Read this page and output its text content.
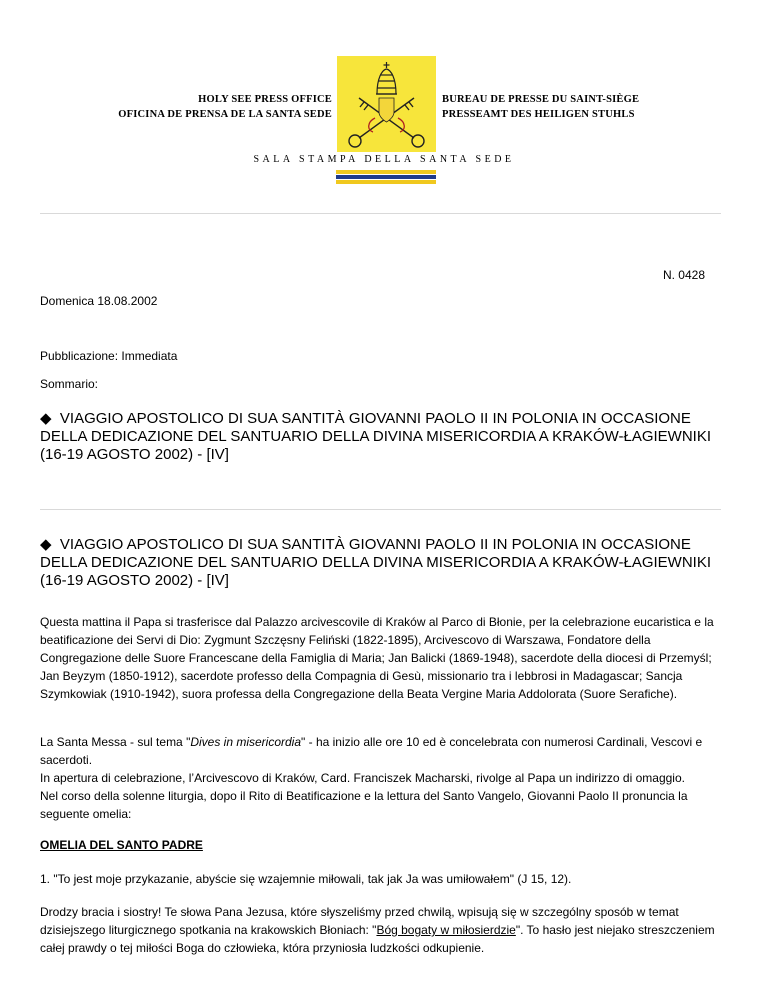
HOLY SEE PRESS OFFICE
OFICINA DE PRENSA DE LA SANTA SEDE
BUREAU DE PRESSE DU SAINT-SIÈGE
PRESSEAMT DES HEILIGEN STUHLS
SALA STAMPA DELLA SANTA SEDE
N. 0428
Domenica 18.08.2002
Pubblicazione: Immediata
Sommario:
◆ VIAGGIO APOSTOLICO DI SUA SANTITÀ GIOVANNI PAOLO II IN POLONIA IN OCCASIONE DELLA DEDICAZIONE DEL SANTUARIO DELLA DIVINA MISERICORDIA A KRAKÓW-ŁAGIEWNIKI (16-19 AGOSTO 2002) - [IV]
◆ VIAGGIO APOSTOLICO DI SUA SANTITÀ GIOVANNI PAOLO II IN POLONIA IN OCCASIONE DELLA DEDICAZIONE DEL SANTUARIO DELLA DIVINA MISERICORDIA A KRAKÓW-ŁAGIEWNIKI (16-19 AGOSTO 2002) - [IV]
Questa mattina il Papa si trasferisce dal Palazzo arcivescovile di Kraków al Parco di Błonie, per la celebrazione eucaristica e la beatificazione dei Servi di Dio: Zygmunt Szczęsny Feliński (1822-1895), Arcivescovo di Warszawa, Fondatore della Congregazione delle Suore Francescane della Famiglia di Maria; Jan Balicki (1869-1948), sacerdote della diocesi di Przemyśl; Jan Beyzym (1850-1912), sacerdote professo della Compagnia di Gesù, missionario tra i lebbrosi in Madagascar; Sancja Szymkowiak (1910-1942), suora professa della Congregazione della Beata Vergine Maria Addolorata (Suore Serafiche).
La Santa Messa - sul tema "Dives in misericordia" - ha inizio alle ore 10 ed è concelebrata con numerosi Cardinali, Vescovi e sacerdoti.
In apertura di celebrazione, l’Arcivescovo di Kraków, Card. Franciszek Macharski, rivolge al Papa un indirizzo di omaggio.
Nel corso della solenne liturgia, dopo il Rito di Beatificazione e la lettura del Santo Vangelo, Giovanni Paolo II pronuncia la seguente omelia:
OMELIA DEL SANTO PADRE
1. "To jest moje przykazanie, abyście się wzajemnie miłowali, tak jak Ja was umiłowałem" (J 15, 12).
Drodzy bracia i siostry! Te słowa Pana Jezusa, które słyszeliśmy przed chwilą, wpisują się w szczególny sposób w temat dzisiejszego liturgicznego spotkania na krakowskich Błoniach: "Bóg bogaty w miłosierdzie". To hasło jest niejako streszczeniem całej prawdy o tej miłości Boga do człowieka, która przyniosła ludzkości odkupienie.
